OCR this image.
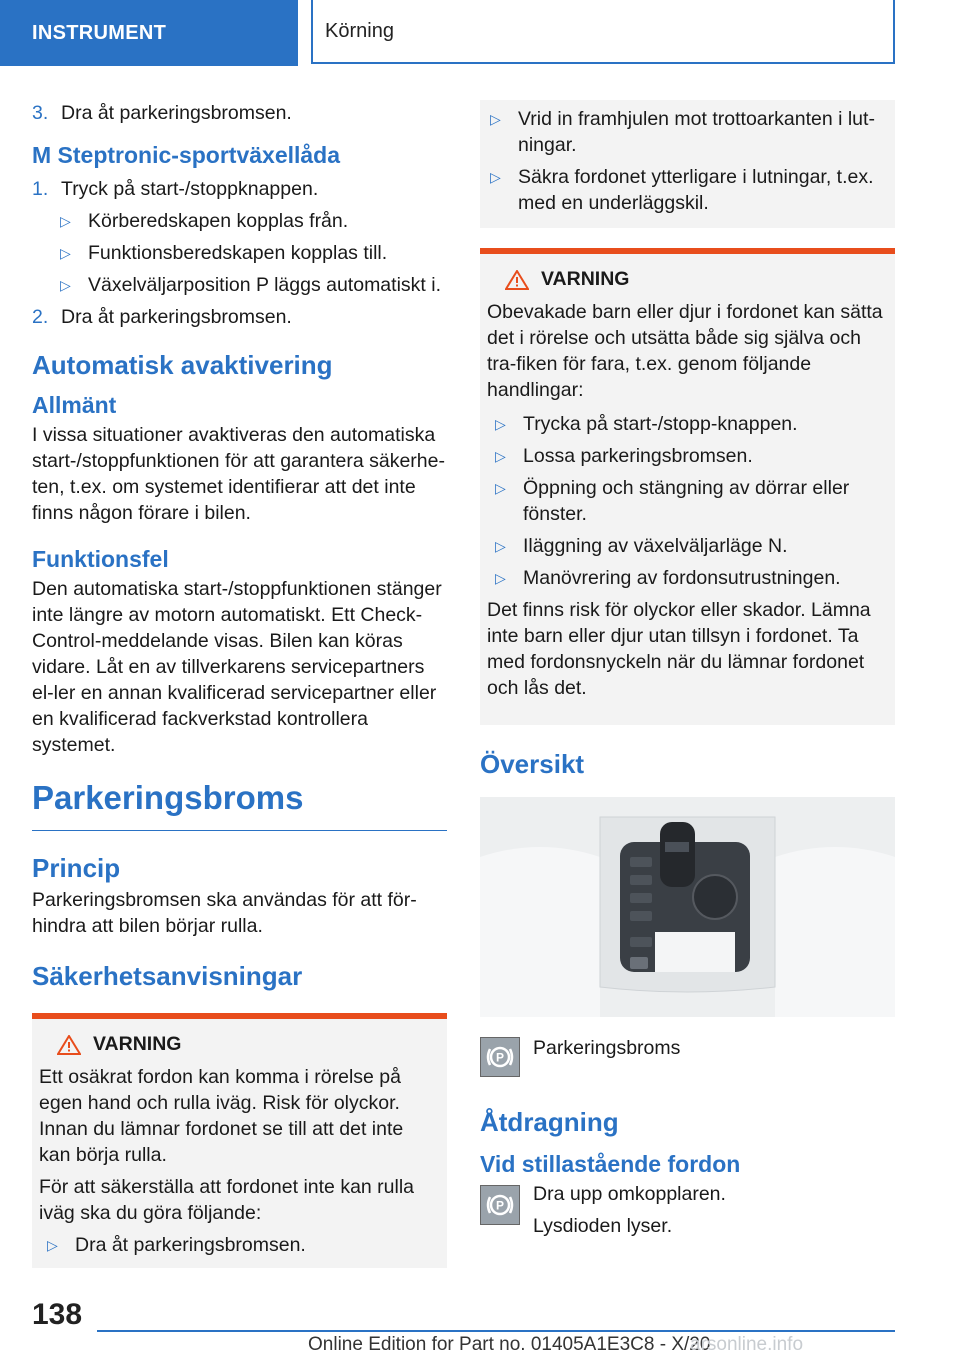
INSTRUMENT	Körning
3. Dra åt parkeringsbromsen.
M Steptronic-sportväxellåda
1. Tryck på start-/stoppknappen.
▷ Körberedskapen kopplas från.
▷ Funktionsberedskapen kopplas till.
▷ Växelväljarposition P läggs automatiskt i.
2. Dra åt parkeringsbromsen.
Automatisk avaktivering
Allmänt

I vissa situationer avaktiveras den automatiska start-/stoppfunktionen för att garantera säkerhe-ten, t.ex. om systemet identifierar att det inte finns någon förare i bilen.

Funktionsfel

Den automatiska start-/stoppfunktionen stänger inte längre av motorn automatiskt. Ett Check-Control-meddelande visas. Bilen kan köras vidare. Låt en av tillverkarens servicepartners el-ler en annan kvalificerad servicepartner eller en kvalificerad fackverkstad kontrollera systemet.

Parkeringsbroms
Princip

Parkeringsbromsen ska användas för att för-hindra att bilen börjar rulla.

Säkerhetsanvisningar
VARNING

Ett osäkrat fordon kan komma i rörelse på egen hand och rulla iväg. Risk för olyckor. Innan du lämnar fordonet se till att det inte kan börja rulla.

För att säkerställa att fordonet inte kan rulla iväg ska du göra följande:

▷ Dra åt parkeringsbromsen.
▷ Vrid in framhjulen mot trottoarkanten i lut-ningar.
▷ Säkra fordonet ytterligare i lutningar, t.ex. med en underläggskil.
VARNING

Obevakade barn eller djur i fordonet kan sätta det i rörelse och utsätta både sig själva och tra-fiken för fara, t.ex. genom följande handlingar:

▷ Trycka på start-/stopp-knappen.
▷ Lossa parkeringsbromsen.
▷ Öppning och stängning av dörrar eller fönster.
▷ Iläggning av växelväljarläge N.
▷ Manövrering av fordonsutrustningen.

Det finns risk för olyckor eller skador. Lämna inte barn eller djur utan tillsyn i fordonet. Ta med fordonsnyckeln när du lämnar fordonet och lås det.

Översikt
P Parkeringsbroms

Åtdragning
Vid stillastående fordon
P

Dra upp omkopplaren.

Lysdioden lyser.

138
Online Edition for Part no. 01405A1E3C8 - X/20
arsonline.info
